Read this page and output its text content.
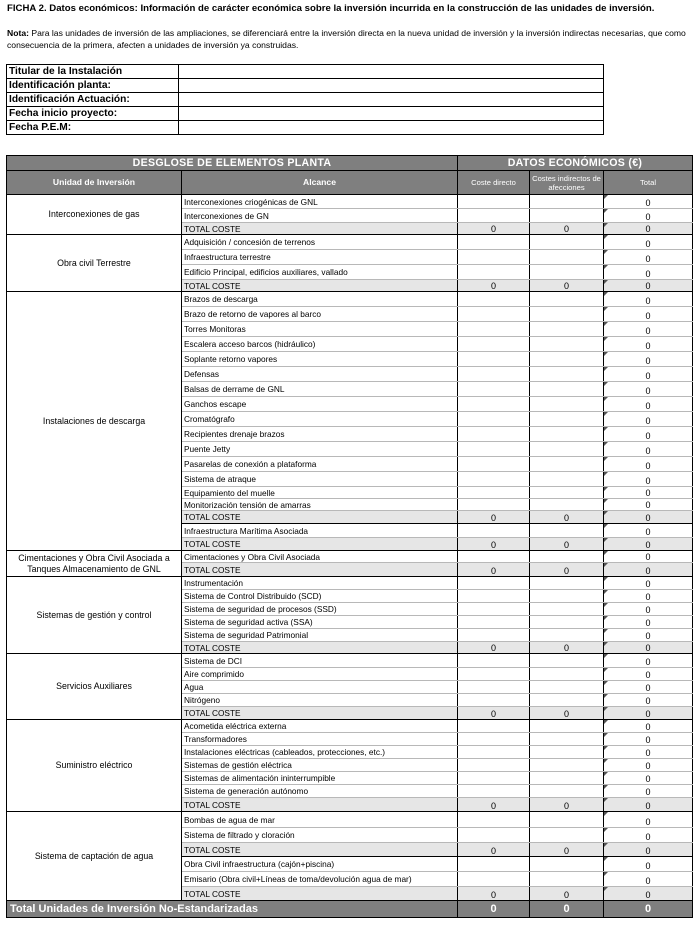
FICHA 2. Datos económicos: Información de carácter económica sobre la inversión incurrida en la construcción de las unidades de inversión.
Nota: Para las unidades de inversión de las ampliaciones, se diferenciará entre la inversión directa en la nueva unidad de inversión y la inversión indirectas necesarias, que como consecuencia de la primera, afecten a unidades de inversión ya construidas.
Titular de la Instalación	
Identificación planta:	
Identificación Actuación:	
Fecha inicio proyecto:	
Fecha P.E.M:	
DESGLOSE DE ELEMENTOS PLANTA		DATOS ECONÓMICOS (€)		
Unidad de Inversión	Alcance	Coste directo	Costes indirectos de afecciones	Total
Interconexiones de gas	Interconexiones criogénicas de GNL			0
	Interconexiones de GN			0
	TOTAL COSTE	0	0	0
Obra civil Terrestre	Adquisición / concesión de terrenos			0
	Infraestructura terrestre			0
	Edificio Principal, edificios auxiliares, vallado			0
	TOTAL COSTE	0	0	0
Instalaciones de descarga	Brazos de descarga			0
	Brazo de retorno de vapores al barco			0
	Torres Monitoras			0
	Escalera acceso barcos (hidráulico)			0
	Soplante retorno vapores			0
	Defensas			0
	Balsas de derrame de GNL			0
	Ganchos escape			0
	Cromatógrafo			0
	Recipientes drenaje brazos			0
	Puente Jetty			0
	Pasarelas de conexión a plataforma			0
	Sistema de atraque			0
	Equipamiento del muelle			0
	Monitorización tensión de amarras			0
	TOTAL COSTE	0	0	0
	Infraestructura Marítima Asociada			0
	TOTAL COSTE	0	0	0
Cimentaciones y Obra Civil Asociada a Tanques Almacenamiento de GNL	Cimentaciones y Obra Civil Asociada			0
	TOTAL COSTE	0	0	0
Sistemas de gestión y control	Instrumentación			0
	Sistema de Control Distribuido (SCD)			0
	Sistema de seguridad de procesos (SSD)			0
	Sistema de seguridad activa (SSA)			0
	Sistema de seguridad Patrimonial			0
	TOTAL COSTE	0	0	0
Servicios Auxiliares	Sistema de DCI			0
	Aire comprimido			0
	Agua			0
	Nitrógeno			0
	TOTAL COSTE	0	0	0
Suministro eléctrico	Acometida eléctrica externa			0
	Transformadores			0
	Instalaciones eléctricas (cableados, protecciones, etc.)			0
	Sistemas de gestión eléctrica			0
	Sistemas de alimentación ininterrumpible			0
	Sistema de generación autónomo			0
	TOTAL COSTE	0	0	0
Sistema de captación de agua	Bombas de agua de mar			0
	Sistema de filtrado y cloración			0
	TOTAL COSTE	0	0	0
	Obra Civil infraestructura (cajón+piscina)			0
	Emisario (Obra civil+Líneas de toma/devolución agua de mar)			0
	TOTAL COSTE	0	0	0
Total Unidades de Inversión No-Estandarizadas		0	0	0
